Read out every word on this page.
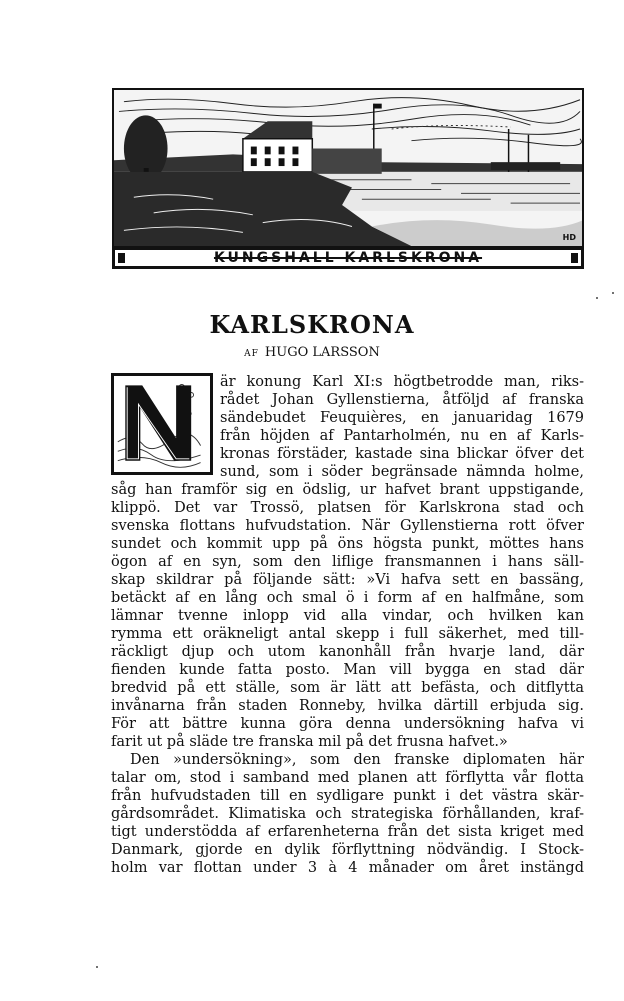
HD
KUNGSHALL KARLSKRONA
KARLSKRONA
AF HUGO LARSSON
är konung Karl XI:s högtbetrodde man, riks-
rådet Johan Gyllenstierna, åtföljd af franska
sändebudet Feuquières, en januaridag 1679
från höjden af Pantarholmén, nu en af Karls-
kronas förstäder, kastade sina blickar öfver det
sund, som i söder begränsade nämnda holme,
såg han framför sig en ödslig, ur hafvet brant uppstigande,
klippö. Det var Trossö, platsen för Karlskrona stad och
svenska flottans hufvudstation. När Gyllenstierna rott öfver
sundet och kommit upp på öns högsta punkt, möttes hans
ögon af en syn, som den liflige fransmannen i hans säll-
skap skildrar på följande sätt: »Vi hafva sett en bassäng,
betäckt af en lång och smal ö i form af en halfmåne, som
lämnar tvenne inlopp vid alla vindar, och hvilken kan
rymma ett oräkneligt antal skepp i full säkerhet, med till-
räckligt djup och utom kanonhåll från hvarje land, där
fienden kunde fatta posto. Man vill bygga en stad där
bredvid på ett ställe, som är lätt att befästa, och ditflytta
invånarna från staden Ronneby, hvilka därtill erbjuda sig.
För att bättre kunna göra denna undersökning hafva vi
farit ut på släde tre franska mil på det frusna hafvet.»
Den »undersökning», som den franske diplomaten här
talar om, stod i samband med planen att förflytta vår flotta
från hufvudstaden till en sydligare punkt i det västra skär-
gårdsområdet. Klimatiska och strategiska förhållanden, kraf-
tigt understödda af erfarenheterna från det sista kriget med
Danmark, gjorde en dylik förflyttning nödvändig. I Stock-
holm var flottan under 3 à 4 månader om året instängd
